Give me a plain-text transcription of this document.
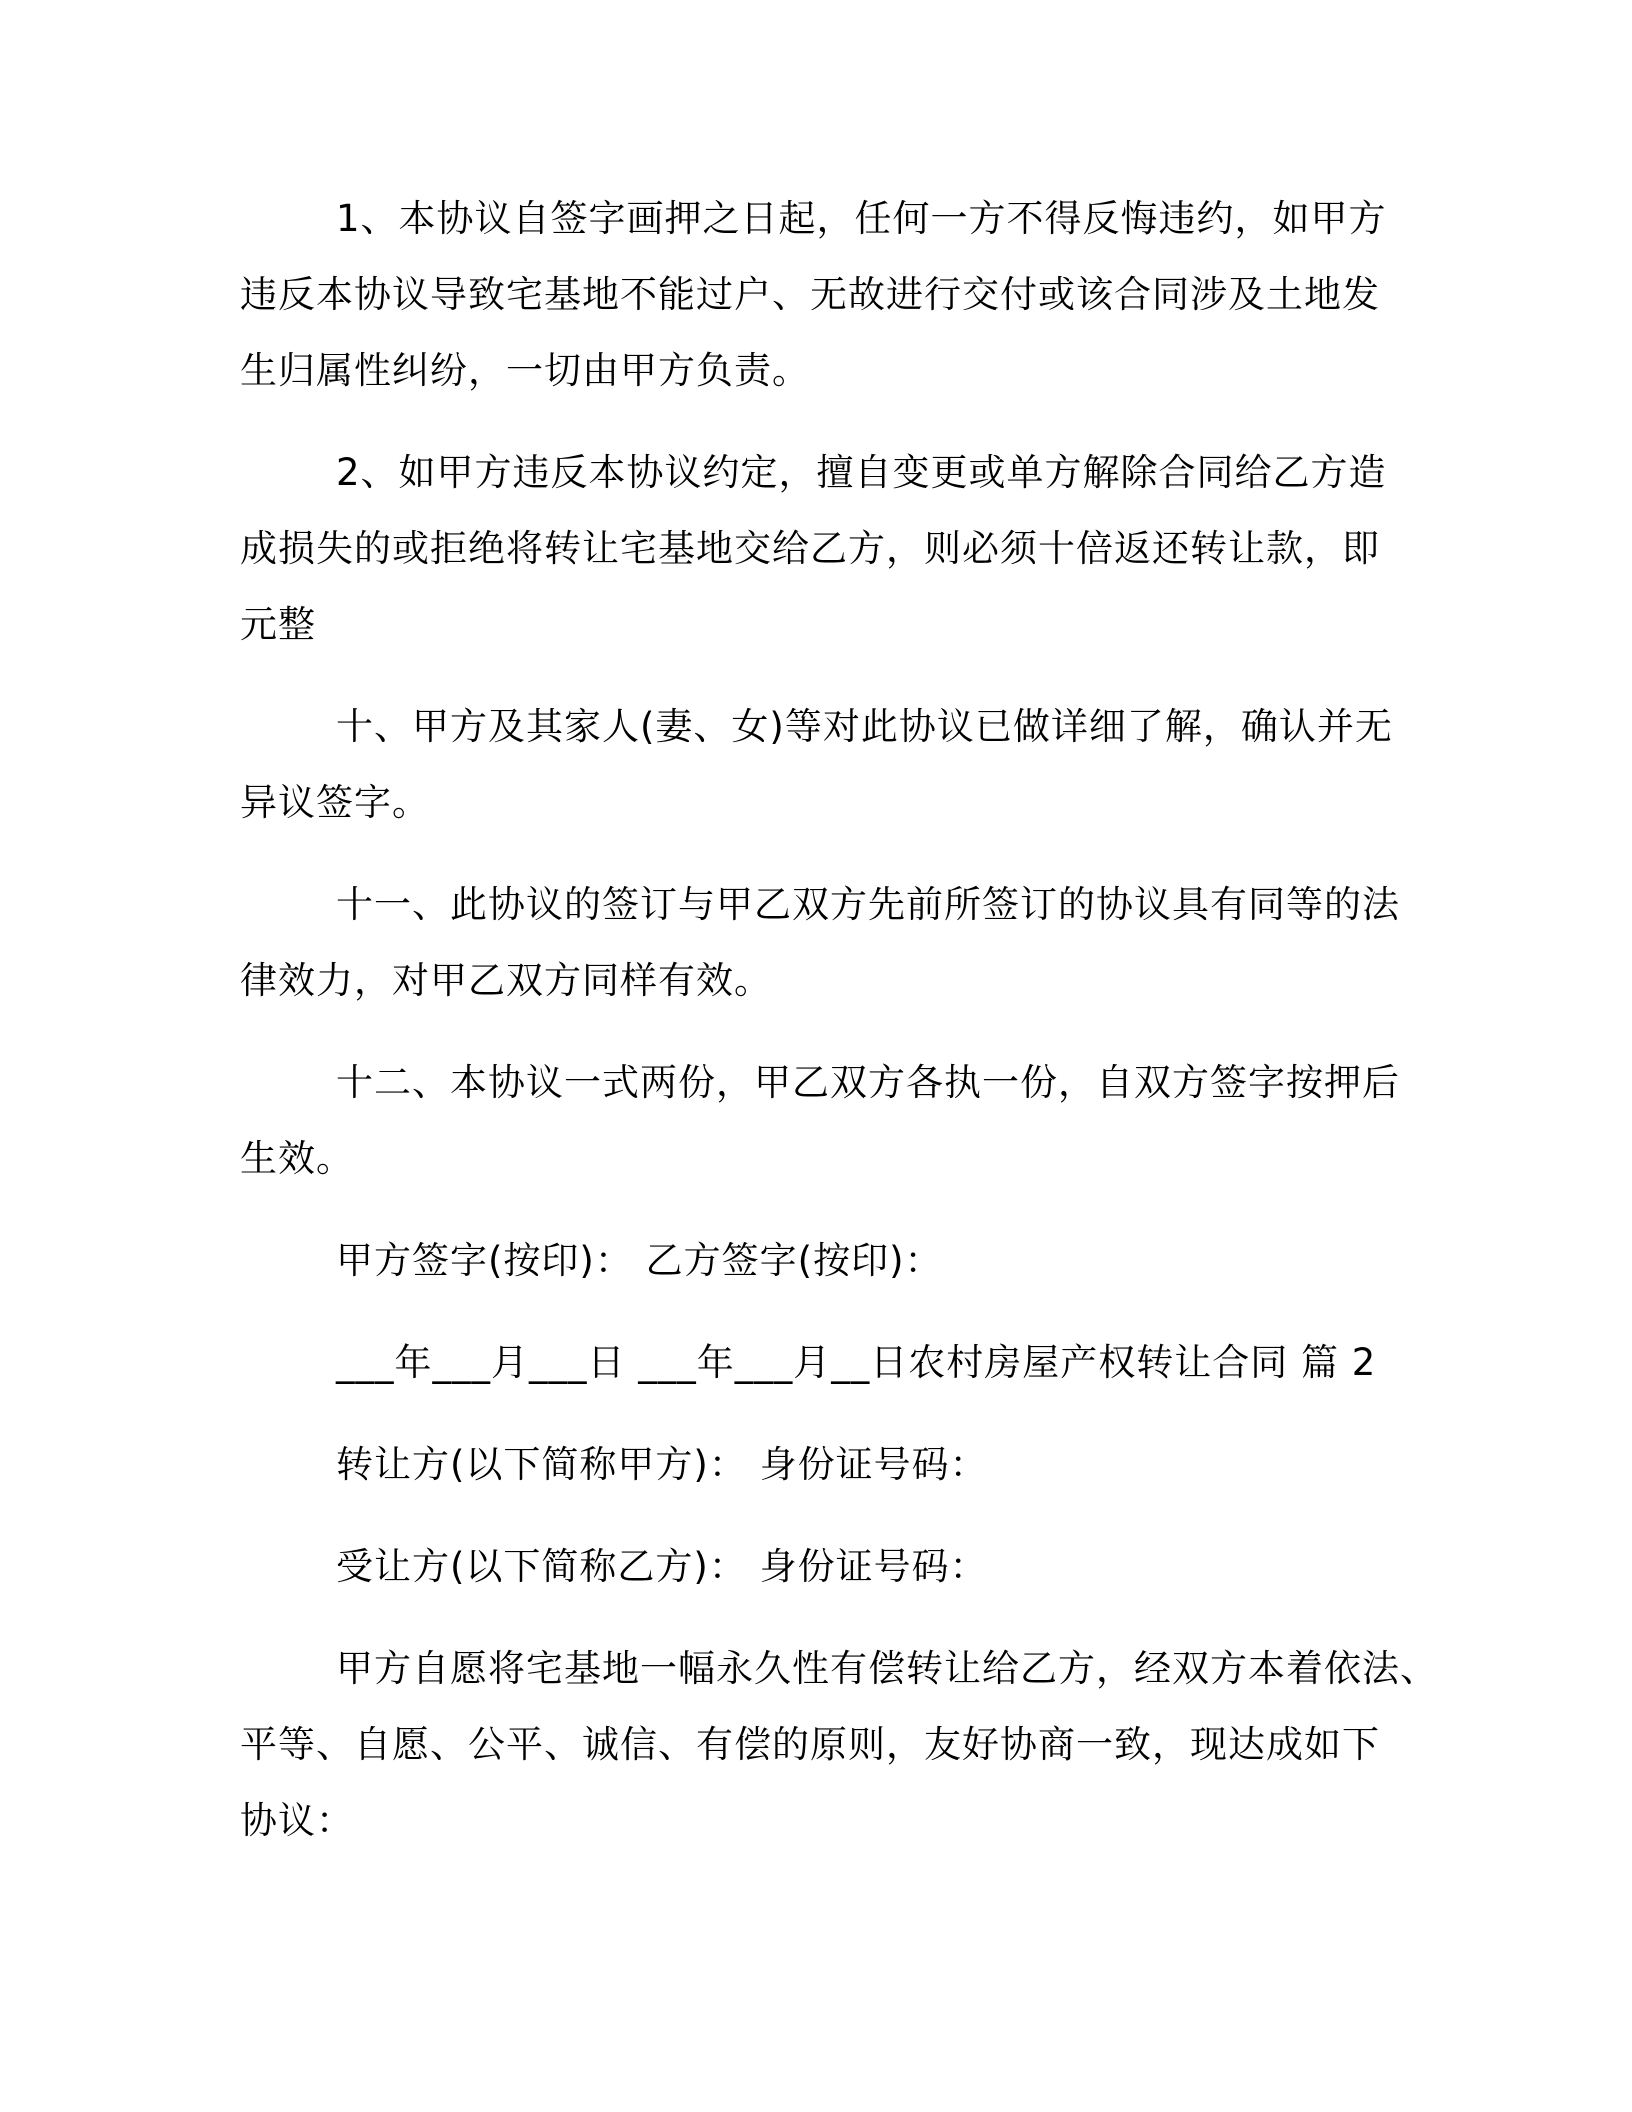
1、本协议自签字画押之日起，任何一方不得反悔违约，如甲方
违反本协议导致宅基地不能过户、无故进行交付或该合同涉及土地发
生归属性纠纷，一切由甲方负责。
2、如甲方违反本协议约定，擅自变更或单方解除合同给乙方造
成损失的或拒绝将转让宅基地交给乙方，则必须十倍返还转让款，即
元整
十、甲方及其家人(妻、女)等对此协议已做详细了解，确认并无
异议签字。
十一、此协议的签订与甲乙双方先前所签订的协议具有同等的法
律效力，对甲乙双方同样有效。
十二、本协议一式两份，甲乙双方各执一份，自双方签字按押后
生效。
甲方签字(按印)： 乙方签字(按印)：
___年___月___日 ___年___月__日农村房屋产权转让合同 篇 2
转让方(以下简称甲方)： 身份证号码：
受让方(以下简称乙方)： 身份证号码：
甲方自愿将宅基地一幅永久性有偿转让给乙方，经双方本着依法、
平等、自愿、公平、诚信、有偿的原则，友好协商一致，现达成如下
协议：
